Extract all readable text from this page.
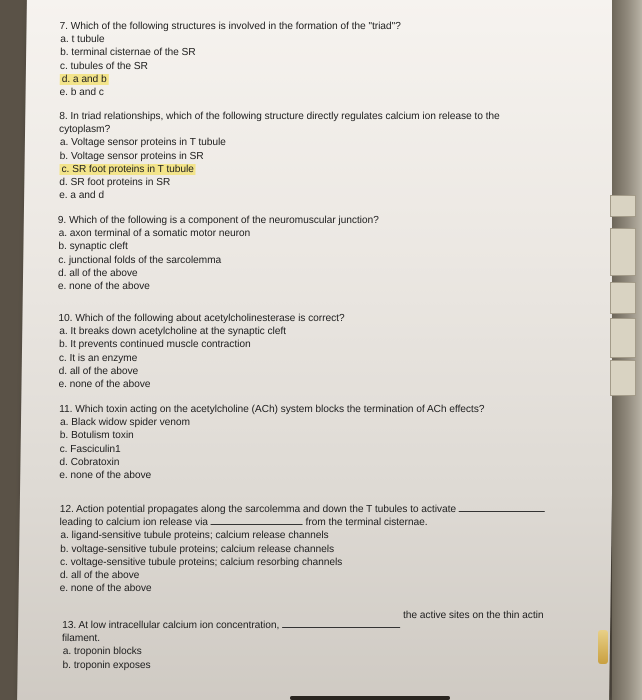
7. Which of the following structures is involved in the formation of the "triad"?
a. t tubule
b. terminal cisternae of the SR
c. tubules of the SR
d. a and b
e. b and c
8. In triad relationships, which of the following structure directly regulates calcium ion release to the
cytoplasm?
a. Voltage sensor proteins in T tubule
b. Voltage sensor proteins in SR
c. SR foot proteins in T tubule
d. SR foot proteins in SR
e. a and d
9. Which of the following is a component of the neuromuscular junction?
a. axon terminal of a somatic motor neuron
b. synaptic cleft
c. junctional folds of the sarcolemma
d. all of the above
e. none of the above
10. Which of the following about acetylcholinesterase is correct?
a. It breaks down acetylcholine at the synaptic cleft
b. It prevents continued muscle contraction
c. It is an enzyme
d. all of the above
e. none of the above
11. Which toxin acting on the acetylcholine (ACh) system blocks the termination of ACh effects?
a. Black widow spider venom
b. Botulism toxin
c. Fasciculin1
d. Cobratoxin
e. none of the above
12. Action potential propagates along the sarcolemma and down the T tubules to activate
leading to calcium ion release via	from the terminal cisternae.
a. ligand-sensitive tubule proteins; calcium release channels
b. voltage-sensitive tubule proteins; calcium release channels
c. voltage-sensitive tubule proteins; calcium resorbing channels
d. all of the above
e. none of the above
13. At low intracellular calcium ion concentration,  the active sites on the thin actin
filament.
a. troponin blocks
b. troponin exposes
